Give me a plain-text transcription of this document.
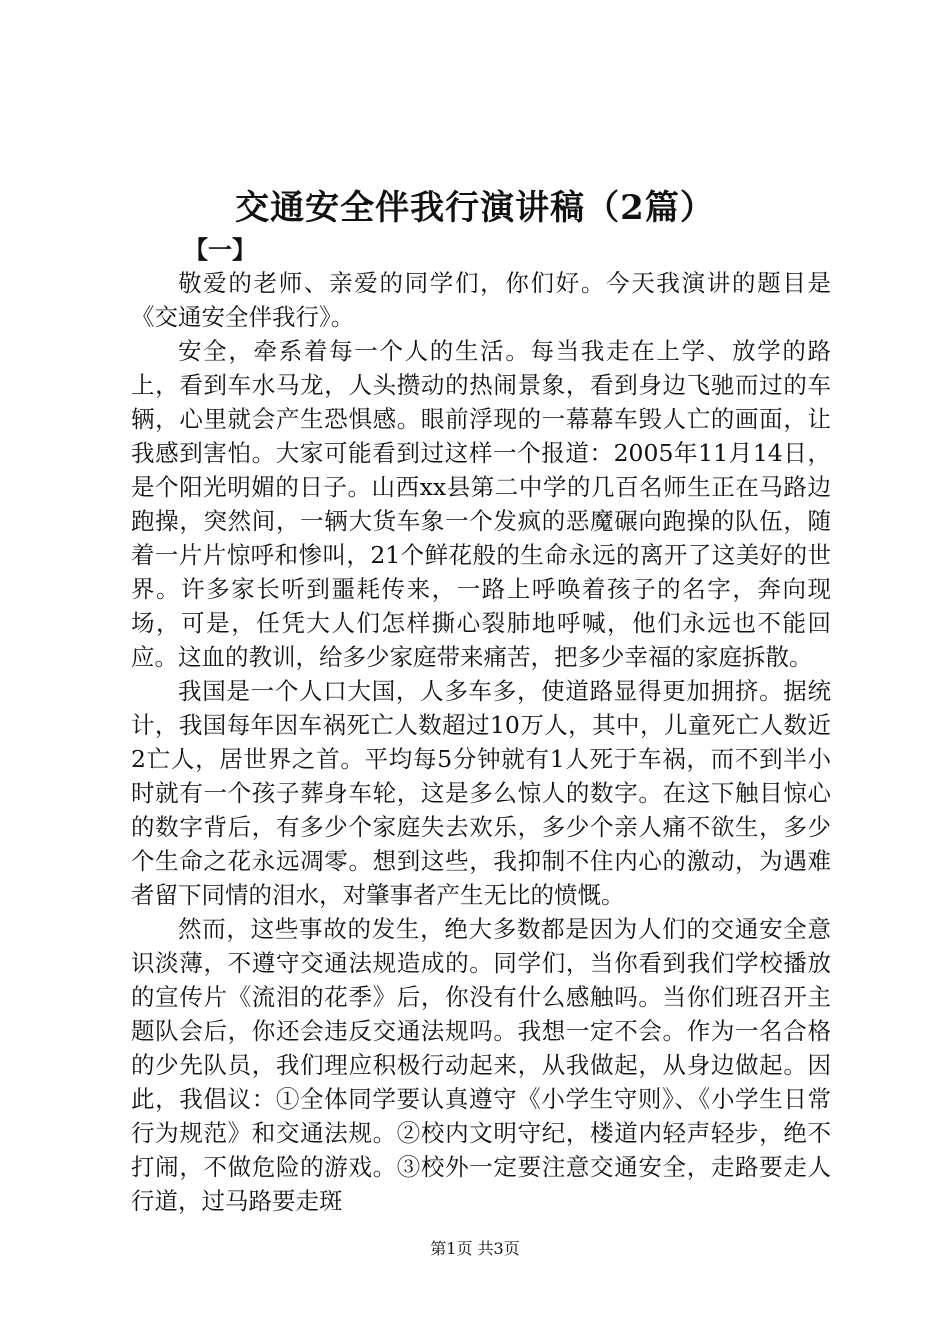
交通安全伴我行演讲稿（2篇）
【一】

敬爱的老师、亲爱的同学们，你们好。今天我演讲的题目是《交通安全伴我行》。

安全，牵系着每一个人的生活。每当我走在上学、放学的路上，看到车水马龙，人头攒动的热闹景象，看到身边飞驰而过的车辆，心里就会产生恐惧感。眼前浮现的一幕幕车毁人亡的画面，让我感到害怕。大家可能看到过这样一个报道：2005年11月14日，是个阳光明媚的日子。山西xx县第二中学的几百名师生正在马路边跑操，突然间，一辆大货车象一个发疯的恶魔碾向跑操的队伍，随着一片片惊呼和惨叫，21个鲜花般的生命永远的离开了这美好的世界。许多家长听到噩耗传来，一路上呼唤着孩子的名字，奔向现场，可是，任凭大人们怎样撕心裂肺地呼喊，他们永远也不能回应。这血的教训，给多少家庭带来痛苦，把多少幸福的家庭拆散。

我国是一个人口大国，人多车多，使道路显得更加拥挤。据统计，我国每年因车祸死亡人数超过10万人，其中，儿童死亡人数近2亡人，居世界之首。平均每5分钟就有1人死于车祸，而不到半小时就有一个孩子葬身车轮，这是多么惊人的数字。在这下触目惊心的数字背后，有多少个家庭失去欢乐，多少个亲人痛不欲生，多少个生命之花永远凋零。想到这些，我抑制不住内心的激动，为遇难者留下同情的泪水，对肇事者产生无比的愤慨。

然而，这些事故的发生，绝大多数都是因为人们的交通安全意识淡薄，不遵守交通法规造成的。同学们，当你看到我们学校播放的宣传片《流泪的花季》后，你没有什么感触吗。当你们班召开主题队会后，你还会违反交通法规吗。我想一定不会。作为一名合格的少先队员，我们理应积极行动起来，从我做起，从身边做起。因此，我倡议：①全体同学要认真遵守《小学生守则》、《小学生日常行为规范》和交通法规。②校内文明守纪，楼道内轻声轻步，绝不打闹，不做危险的游戏。③校外一定要注意交通安全，走路要走人行道，过马路要走斑

第1页 共3页
